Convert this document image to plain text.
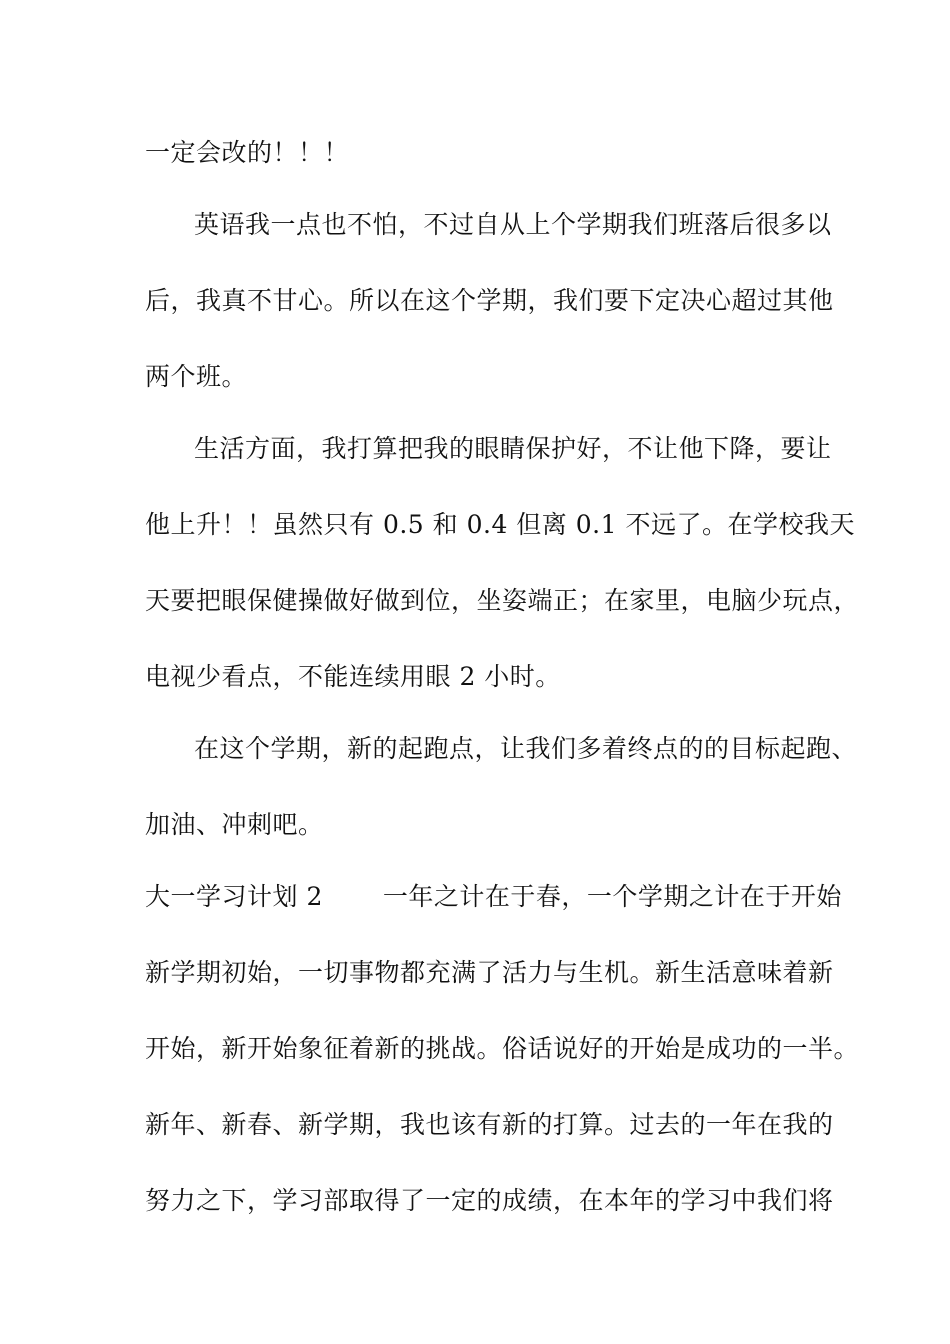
一定会改的！！！
英语我一点也不怕，不过自从上个学期我们班落后很多以
后，我真不甘心。所以在这个学期，我们要下定决心超过其他
两个班。
生活方面，我打算把我的眼睛保护好，不让他下降，要让
他上升！！虽然只有 0.5 和 0.4 但离 0.1 不远了。在学校我天
天要把眼保健操做好做到位，坐姿端正；在家里，电脑少玩点，
电视少看点，不能连续用眼 2 小时。
在这个学期，新的起跑点，让我们多着终点的的目标起跑、
加油、冲刺吧。
大一学习计划 2 一年之计在于春，一个学期之计在于开始
新学期初始，一切事物都充满了活力与生机。新生活意味着新
开始，新开始象征着新的挑战。俗话说好的开始是成功的一半。
新年、新春、新学期，我也该有新的打算。过去的一年在我的
努力之下，学习部取得了一定的成绩，在本年的学习中我们将
